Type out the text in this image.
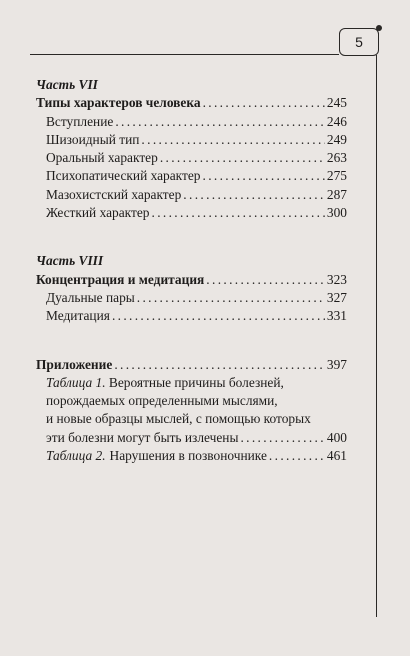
5
Часть VII
Типы характеров человека . . .	245
Вступление . . .	246
Шизоидный тип . . .	249
Оральный характер . . .	263
Психопатический характер . . .	275
Мазохистский характер . . .	287
Жесткий характер . . .	300
Часть VIII
Концентрация и медитация . . .	323
Дуальные пары . . .	327
Медитация . . .	331
Приложение . . .	397
Таблица 1. Вероятные причины болезней,
порождаемых определенными мыслями,
и новые образцы мыслей, с помощью которых
эти болезни могут быть излечены . . .	400
Таблица 2. Нарушения в позвоночнике . . .	461
